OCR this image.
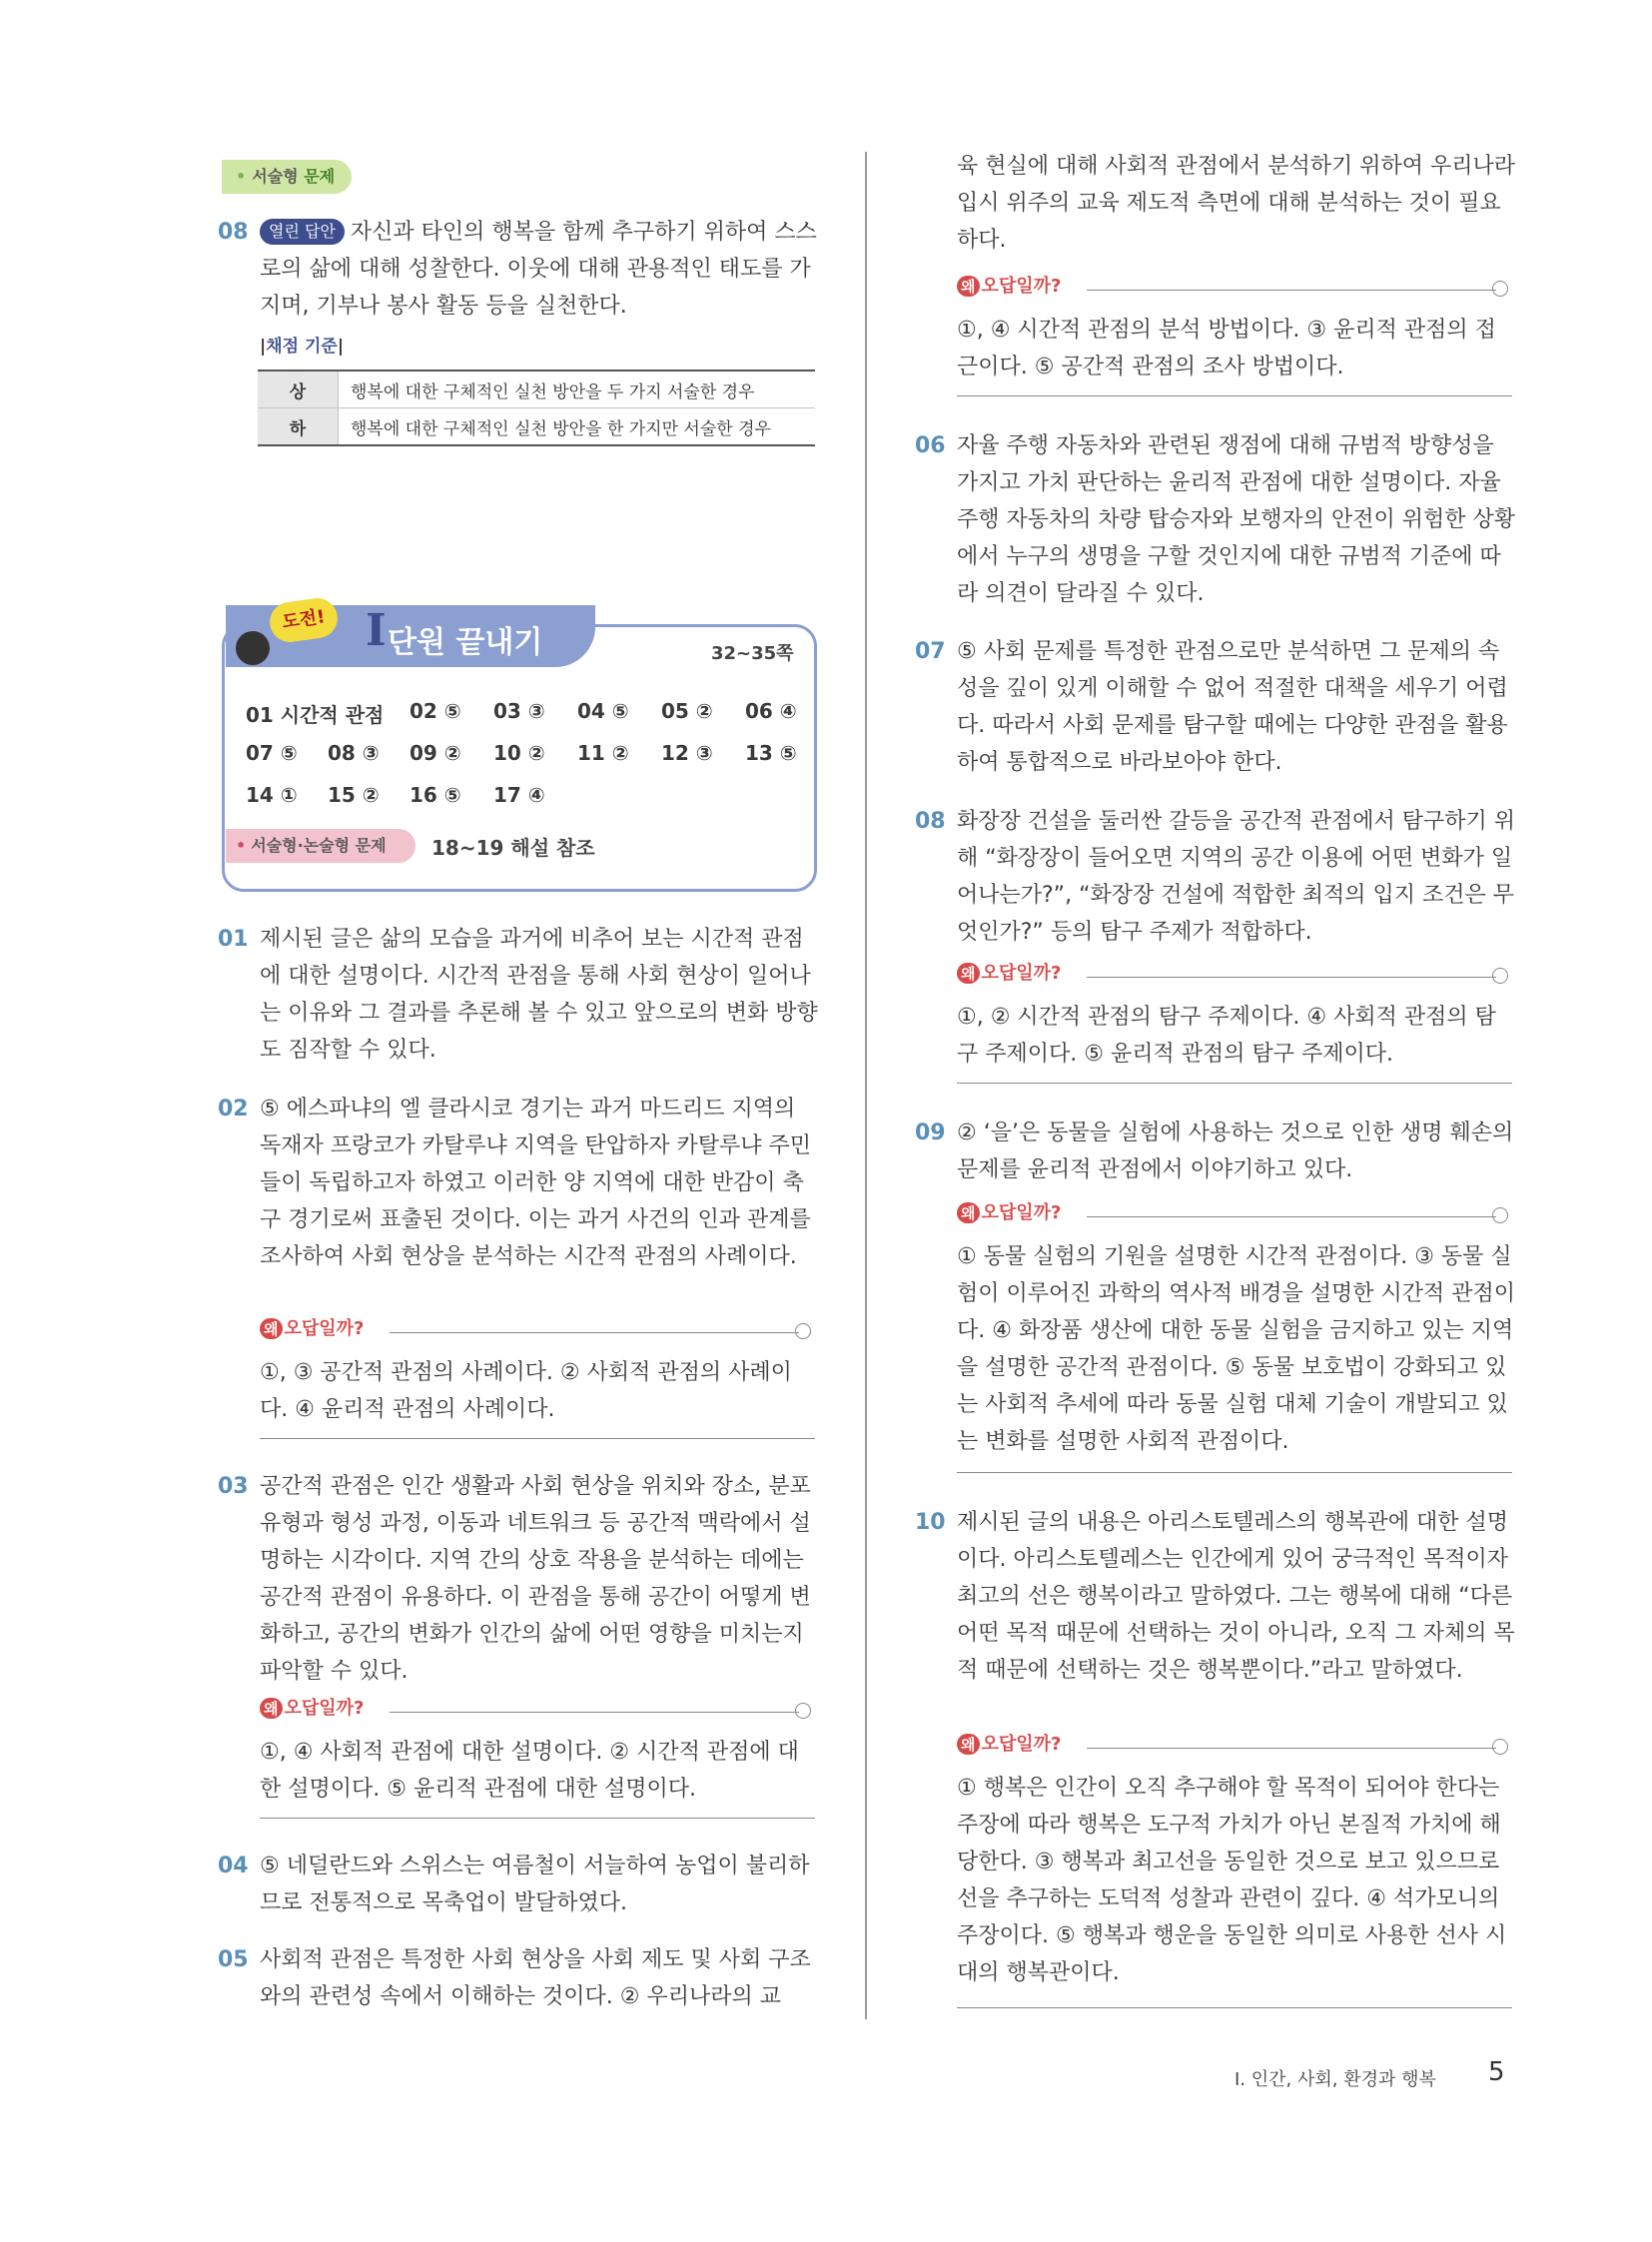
• 서술형 문제
08	열린 답안 자신과 타인의 행복을 함께 추구하기 위하여 스스로의 삶에 대해 성찰한다. 이웃에 대해 관용적인 태도를 가지며, 기부나 봉사 활동 등을 실천한다.
|채점 기준|
상	행복에 대한 구체적인 실천 방안을 두 가지 서술한 경우
하	행복에 대한 구체적인 실천 방안을 한 가지만 서술한 경우
도전! I 단원 끝내기	32~35쪽
01 시간적 관점 02 ⑤ 03 ③ 04 ⑤ 05 ② 06 ④
07 ⑤ 08 ③ 09 ② 10 ② 11 ② 12 ③ 13 ⑤
14 ① 15 ② 16 ⑤ 17 ④
• 서술형·논술형 문제	18~19 해설 참조
01 제시된 글은 삶의 모습을 과거에 비추어 보는 시간적 관점에 대한 설명이다. 시간적 관점을 통해 사회 현상이 일어나는 이유와 그 결과를 추론해 볼 수 있고 앞으로의 변화 방향도 짐작할 수 있다.
02 ⑤ 에스파냐의 엘 클라시코 경기는 과거 마드리드 지역의 독재자 프랑코가 카탈루냐 지역을 탄압하자 카탈루냐 주민들이 독립하고자 하였고 이러한 양 지역에 대한 반감이 축구 경기로써 표출된 것이다. 이는 과거 사건의 인과 관계를 조사하여 사회 현상을 분석하는 시간적 관점의 사례이다.
왜 오답일까?
①, ③ 공간적 관점의 사례이다. ② 사회적 관점의 사례이다. ④ 윤리적 관점의 사례이다.
03 공간적 관점은 인간 생활과 사회 현상을 위치와 장소, 분포 유형과 형성 과정, 이동과 네트워크 등 공간적 맥락에서 설명하는 시각이다. 지역 간의 상호 작용을 분석하는 데에는 공간적 관점이 유용하다. 이 관점을 통해 공간이 어떻게 변화하고, 공간의 변화가 인간의 삶에 어떤 영향을 미치는지 파악할 수 있다.
왜 오답일까?
①, ④ 사회적 관점에 대한 설명이다. ② 시간적 관점에 대한 설명이다. ⑤ 윤리적 관점에 대한 설명이다.
04 ⑤ 네덜란드와 스위스는 여름철이 서늘하여 농업이 불리하므로 전통적으로 목축업이 발달하였다.
05 사회적 관점은 특정한 사회 현상을 사회 제도 및 사회 구조와의 관련성 속에서 이해하는 것이다. ② 우리나라의 교
육 현실에 대해 사회적 관점에서 분석하기 위하여 우리나라 입시 위주의 교육 제도적 측면에 대해 분석하는 것이 필요하다.
왜 오답일까?
①, ④ 시간적 관점의 분석 방법이다. ③ 윤리적 관점의 접근이다. ⑤ 공간적 관점의 조사 방법이다.
06 자율 주행 자동차와 관련된 쟁점에 대해 규범적 방향성을 가지고 가치 판단하는 윤리적 관점에 대한 설명이다. 자율 주행 자동차의 차량 탑승자와 보행자의 안전이 위험한 상황에서 누구의 생명을 구할 것인지에 대한 규범적 기준에 따라 의견이 달라질 수 있다.
07 ⑤ 사회 문제를 특정한 관점으로만 분석하면 그 문제의 속성을 깊이 있게 이해할 수 없어 적절한 대책을 세우기 어렵다. 따라서 사회 문제를 탐구할 때에는 다양한 관점을 활용하여 통합적으로 바라보아야 한다.
08 화장장 건설을 둘러싼 갈등을 공간적 관점에서 탐구하기 위해 “화장장이 들어오면 지역의 공간 이용에 어떤 변화가 일어나는가?”, “화장장 건설에 적합한 최적의 입지 조건은 무엇인가?” 등의 탐구 주제가 적합하다.
왜 오답일까?
①, ② 시간적 관점의 탐구 주제이다. ④ 사회적 관점의 탐구 주제이다. ⑤ 윤리적 관점의 탐구 주제이다.
09 ② ‘을’은 동물을 실험에 사용하는 것으로 인한 생명 훼손의 문제를 윤리적 관점에서 이야기하고 있다.
왜 오답일까?
① 동물 실험의 기원을 설명한 시간적 관점이다. ③ 동물 실험이 이루어진 과학의 역사적 배경을 설명한 시간적 관점이다. ④ 화장품 생산에 대한 동물 실험을 금지하고 있는 지역을 설명한 공간적 관점이다. ⑤ 동물 보호법이 강화되고 있는 사회적 추세에 따라 동물 실험 대체 기술이 개발되고 있는 변화를 설명한 사회적 관점이다.
10 제시된 글의 내용은 아리스토텔레스의 행복관에 대한 설명이다. 아리스토텔레스는 인간에게 있어 궁극적인 목적이자 최고의 선은 행복이라고 말하였다. 그는 행복에 대해 “다른 어떤 목적 때문에 선택하는 것이 아니라, 오직 그 자체의 목적 때문에 선택하는 것은 행복뿐이다.”라고 말하였다.
왜 오답일까?
① 행복은 인간이 오직 추구해야 할 목적이 되어야 한다는 주장에 따라 행복은 도구적 가치가 아닌 본질적 가치에 해당한다. ③ 행복과 최고선을 동일한 것으로 보고 있으므로 선을 추구하는 도덕적 성찰과 관련이 깊다. ④ 석가모니의 주장이다. ⑤ 행복과 행운을 동일한 의미로 사용한 선사 시대의 행복관이다.
I. 인간, 사회, 환경과 행복 5
